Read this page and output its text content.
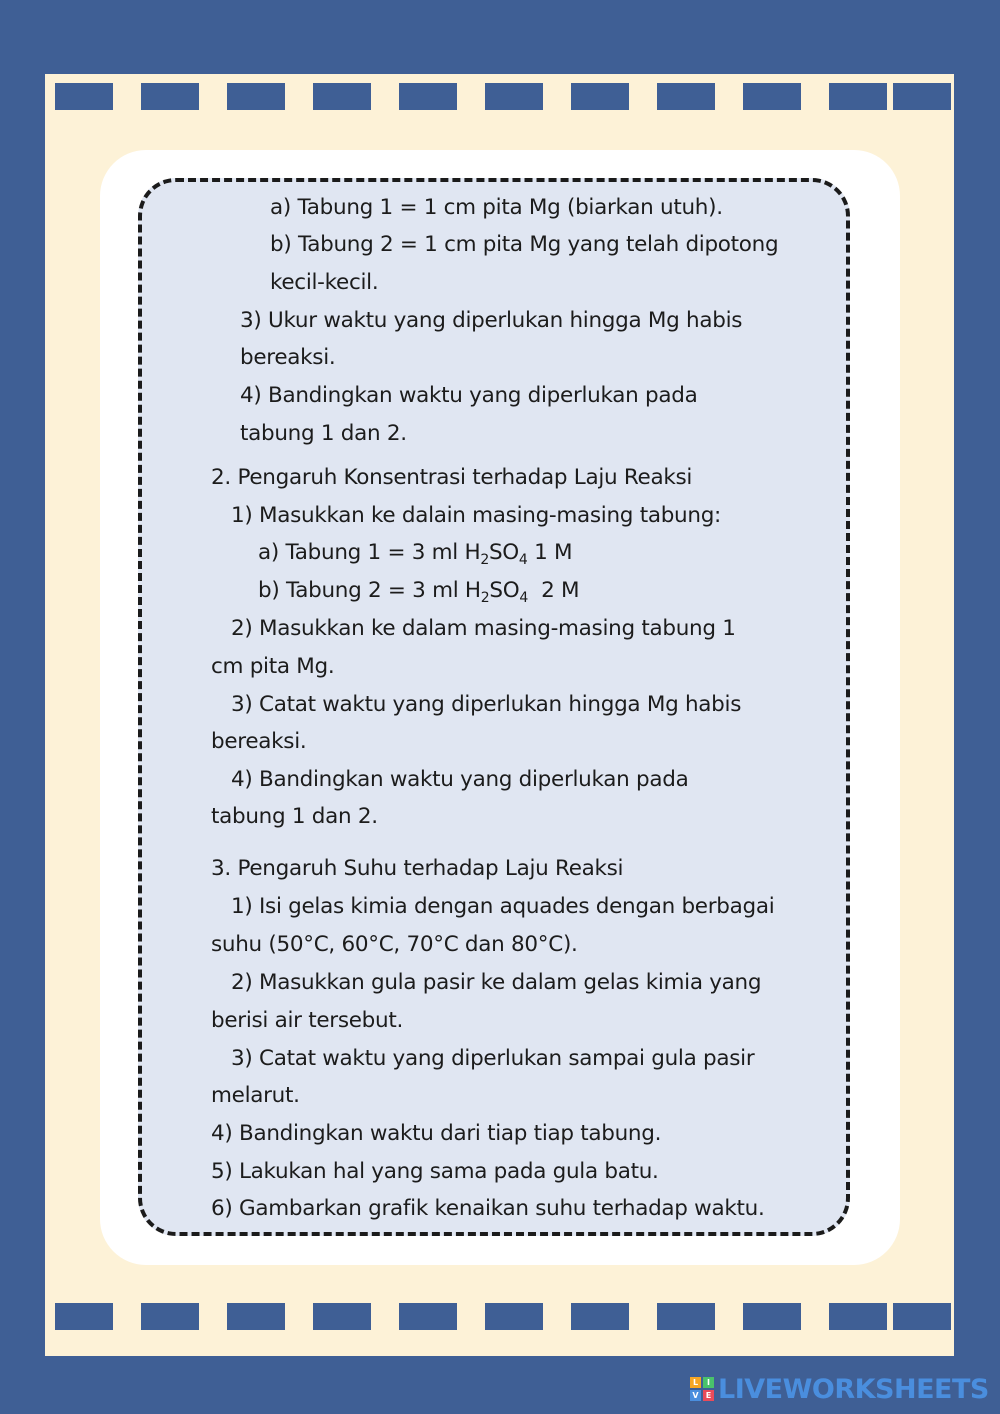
a) Tabung 1 = 1 cm pita Mg (biarkan utuh).
b) Tabung 2 = 1 cm pita Mg yang telah dipotong
kecil-kecil.
3) Ukur waktu yang diperlukan hingga Mg habis
bereaksi.
4) Bandingkan waktu yang diperlukan pada
tabung 1 dan 2.
2. Pengaruh Konsentrasi terhadap Laju Reaksi
1) Masukkan ke dalain masing-masing tabung:
a) Tabung 1 = 3 ml $H_2SO_4$ 1 M
b) Tabung 2 = 3 ml $H_2SO_4$  2 M
2) Masukkan ke dalam masing-masing tabung 1
cm pita Mg.
3) Catat waktu yang diperlukan hingga Mg habis
bereaksi.
4) Bandingkan waktu yang diperlukan pada
tabung 1 dan 2.
3. Pengaruh Suhu terhadap Laju Reaksi
1) Isi gelas kimia dengan aquades dengan berbagai
suhu (50°C, 60°C, 70°C dan 80°C).
2) Masukkan gula pasir ke dalam gelas kimia yang
berisi air tersebut.
3) Catat waktu yang diperlukan sampai gula pasir
melarut.
4) Bandingkan waktu dari tiap tiap tabung.
5) Lakukan hal yang sama pada gula batu.
6) Gambarkan grafik kenaikan suhu terhadap waktu.
L	I
V E LIVEWORKSHEETS
